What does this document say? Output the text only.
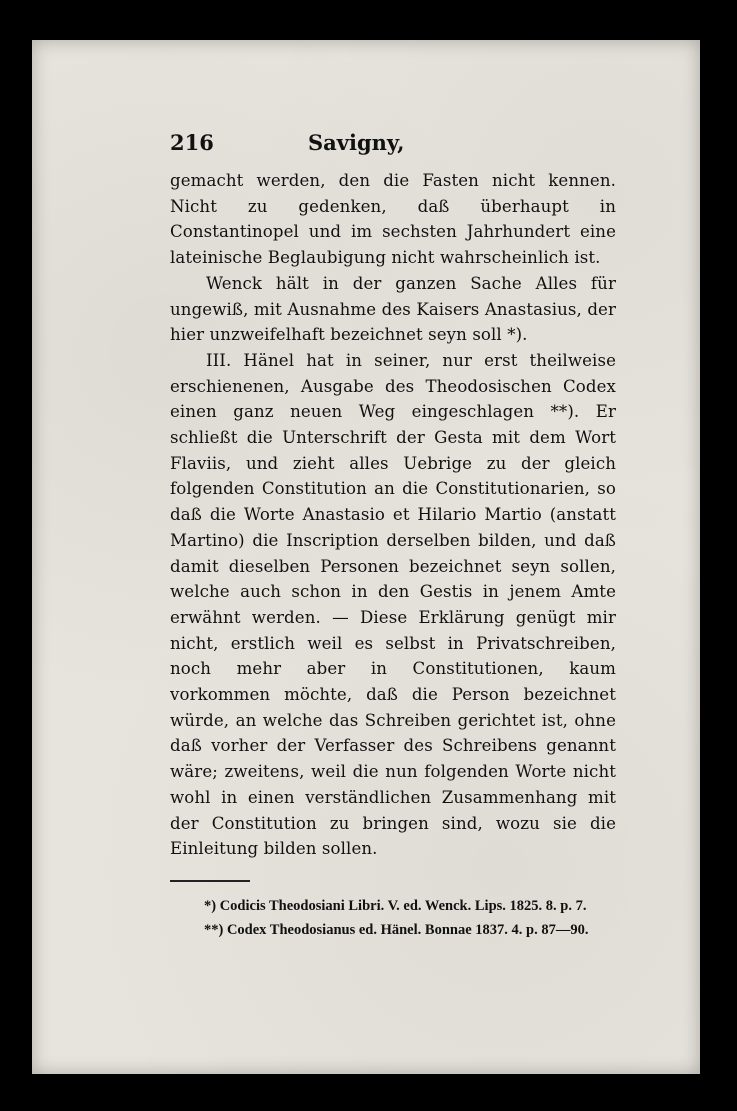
216	Savigny,

gemacht werden, den die Fasten nicht kennen. Nicht zu gedenken, daß überhaupt in Constantinopel und im sechsten Jahrhundert eine lateinische Beglaubigung nicht wahrscheinlich ist.

Wenck hält in der ganzen Sache Alles für ungewiß, mit Ausnahme des Kaisers Anastasius, der hier unzweifelhaft bezeichnet seyn soll *).

III. Hänel hat in seiner, nur erst theilweise erschienenen, Ausgabe des Theodosischen Codex einen ganz neuen Weg eingeschlagen **). Er schließt die Unterschrift der Gesta mit dem Wort Flaviis, und zieht alles Uebrige zu der gleich folgenden Constitution an die Constitutionarien, so daß die Worte Anastasio et Hilario Martio (anstatt Martino) die Inscription derselben bilden, und daß damit dieselben Personen bezeichnet seyn sollen, welche auch schon in den Gestis in jenem Amte erwähnt werden. — Diese Erklärung genügt mir nicht, erstlich weil es selbst in Privatschreiben, noch mehr aber in Constitutionen, kaum vorkommen möchte, daß die Person bezeichnet würde, an welche das Schreiben gerichtet ist, ohne daß vorher der Verfasser des Schreibens genannt wäre; zweitens, weil die nun folgenden Worte nicht wohl in einen verständlichen Zusammenhang mit der Constitution zu bringen sind, wozu sie die Einleitung bilden sollen.

*) Codicis Theodosiani Libri. V. ed. Wenck. Lips. 1825. 8. p. 7.

**) Codex Theodosianus ed. Hänel. Bonnae 1837. 4. p. 87—90.
